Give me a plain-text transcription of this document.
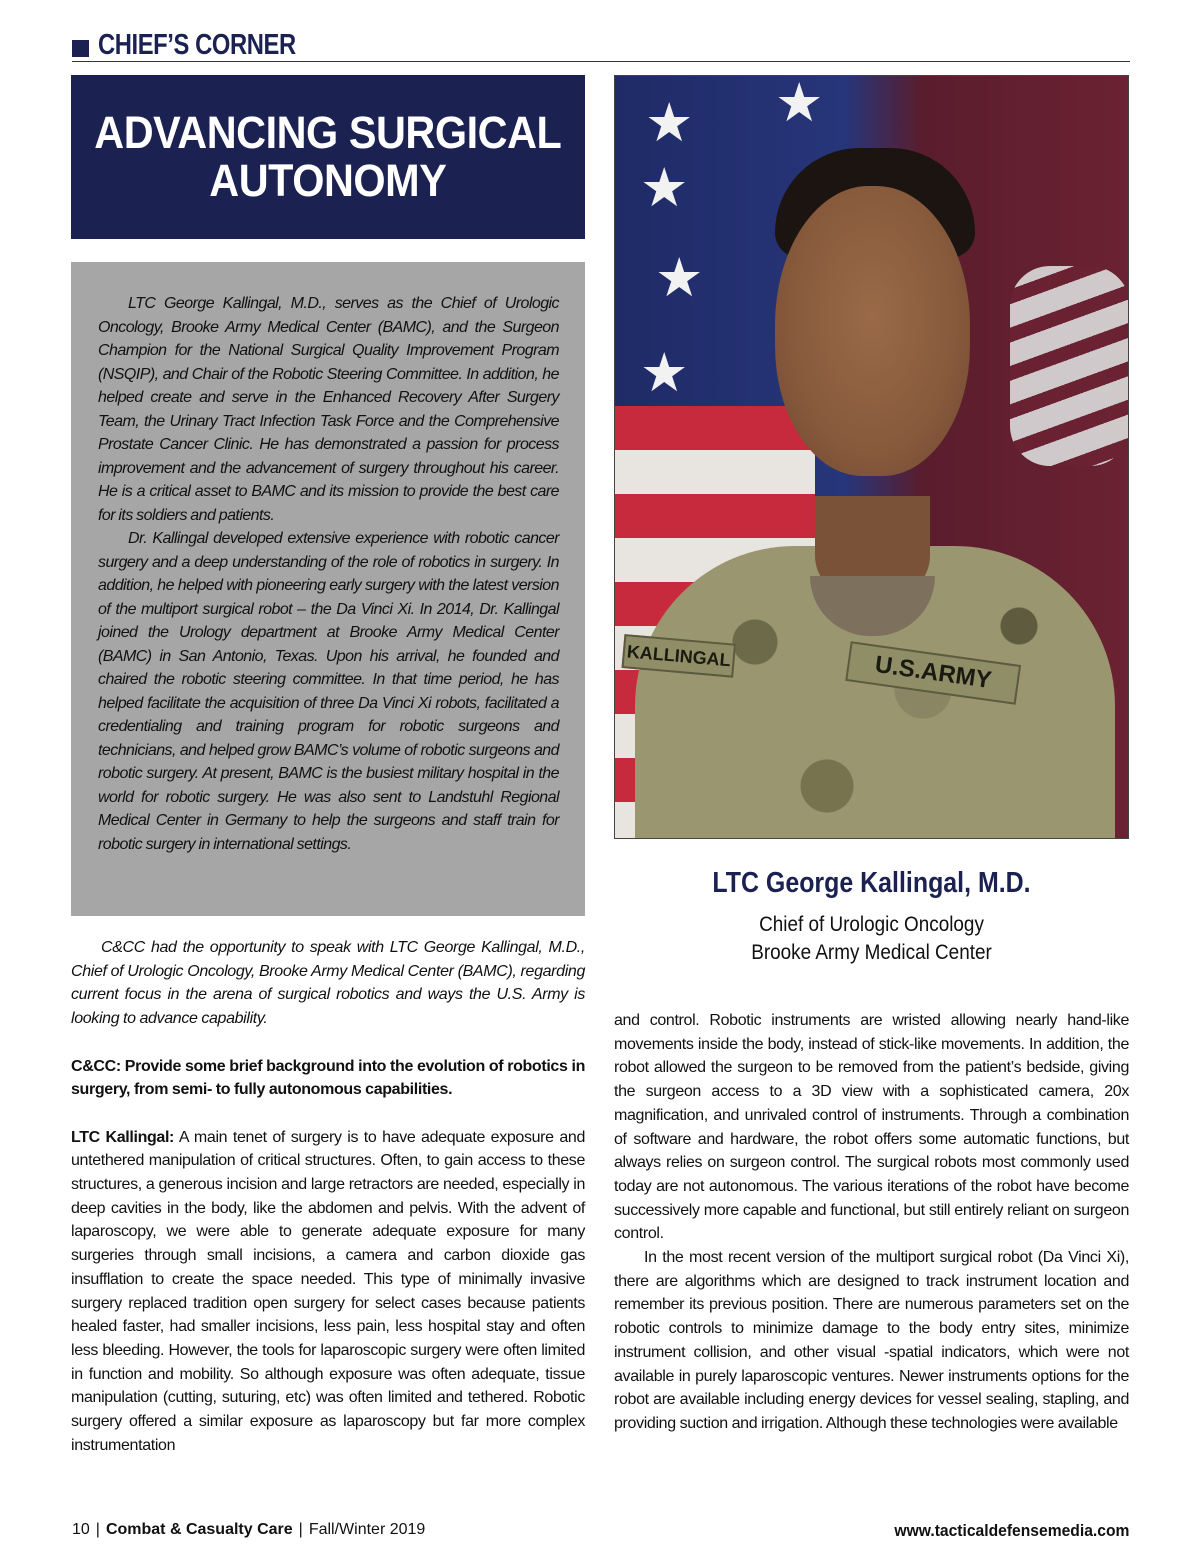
CHIEF’S CORNER
ADVANCING SURGICAL
AUTONOMY

LTC George Kallingal, M.D., serves as the Chief of Urologic Oncology, Brooke Army Medical Center (BAMC), and the Surgeon Champion for the National Surgical Quality Improvement Program (NSQIP), and Chair of the Robotic Steering Committee. In addition, he helped create and serve in the Enhanced Recovery After Surgery Team, the Urinary Tract Infection Task Force and the Comprehensive Prostate Cancer Clinic. He has demonstrated a passion for process improvement and the advancement of surgery throughout his career. He is a critical asset to BAMC and its mission to provide the best care for its soldiers and patients.

Dr. Kallingal developed extensive experience with robotic cancer surgery and a deep understanding of the role of robotics in surgery. In addition, he helped with pioneering early surgery with the latest version of the multiport surgical robot – the Da Vinci Xi. In 2014, Dr. Kallingal joined the Urology department at Brooke Army Medical Center (BAMC) in San Antonio, Texas. Upon his arrival, he founded and chaired the robotic steering committee. In that time period, he has helped facilitate the acquisition of three Da Vinci Xi robots, facilitated a credentialing and training program for robotic surgeons and technicians, and helped grow BAMC’s volume of robotic surgeons and robotic surgery. At present, BAMC is the busiest military hospital in the world for robotic surgery. He was also sent to Landstuhl Regional Medical Center in Germany to help the surgeons and staff train for robotic surgery in international settings.

★ ★
★
★
★
KALLINGAL	U.S.ARMY
LTC George Kallingal, M.D.
Chief of Urologic Oncology
Brooke Army Medical Center

C&CC had the opportunity to speak with LTC George Kallingal, M.D., Chief of Urologic Oncology, Brooke Army Medical Center (BAMC), regarding current focus in the arena of surgical robotics and ways the U.S. Army is looking to advance capability.

C&CC: Provide some brief background into the evolution of robotics in surgery, from semi- to fully autonomous capabilities.

LTC Kallingal: A main tenet of surgery is to have adequate exposure and untethered manipulation of critical structures. Often, to gain access to these structures, a generous incision and large retractors are needed, especially in deep cavities in the body, like the abdomen and pelvis. With the advent of laparoscopy, we were able to generate adequate exposure for many surgeries through small incisions, a camera and carbon dioxide gas insufflation to create the space needed. This type of minimally invasive surgery replaced tradition open surgery for select cases because patients healed faster, had smaller incisions, less pain, less hospital stay and often less bleeding. However, the tools for laparoscopic surgery were often limited in function and mobility. So although exposure was often adequate, tissue manipulation (cutting, suturing, etc) was often limited and tethered. Robotic surgery offered a similar exposure as laparoscopy but far more complex instrumentation

and control. Robotic instruments are wristed allowing nearly hand-like movements inside the body, instead of stick-like movements. In addition, the robot allowed the surgeon to be removed from the patient’s bedside, giving the surgeon access to a 3D view with a sophisticated camera, 20x magnification, and unrivaled control of instruments. Through a combination of software and hardware, the robot offers some automatic functions, but always relies on surgeon control. The surgical robots most commonly used today are not autonomous. The various iterations of the robot have become successively more capable and functional, but still entirely reliant on surgeon control.

In the most recent version of the multiport surgical robot (Da Vinci Xi), there are algorithms which are designed to track instrument location and remember its previous position. There are numerous parameters set on the robotic controls to minimize damage to the body entry sites, minimize instrument collision, and other visual -spatial indicators, which were not available in purely laparoscopic ventures. Newer instruments options for the robot are available including energy devices for vessel sealing, stapling, and providing suction and irrigation. Although these technologies were available

10 | Combat & Casualty Care | Fall/Winter 2019	www.tacticaldefensemedia.com
